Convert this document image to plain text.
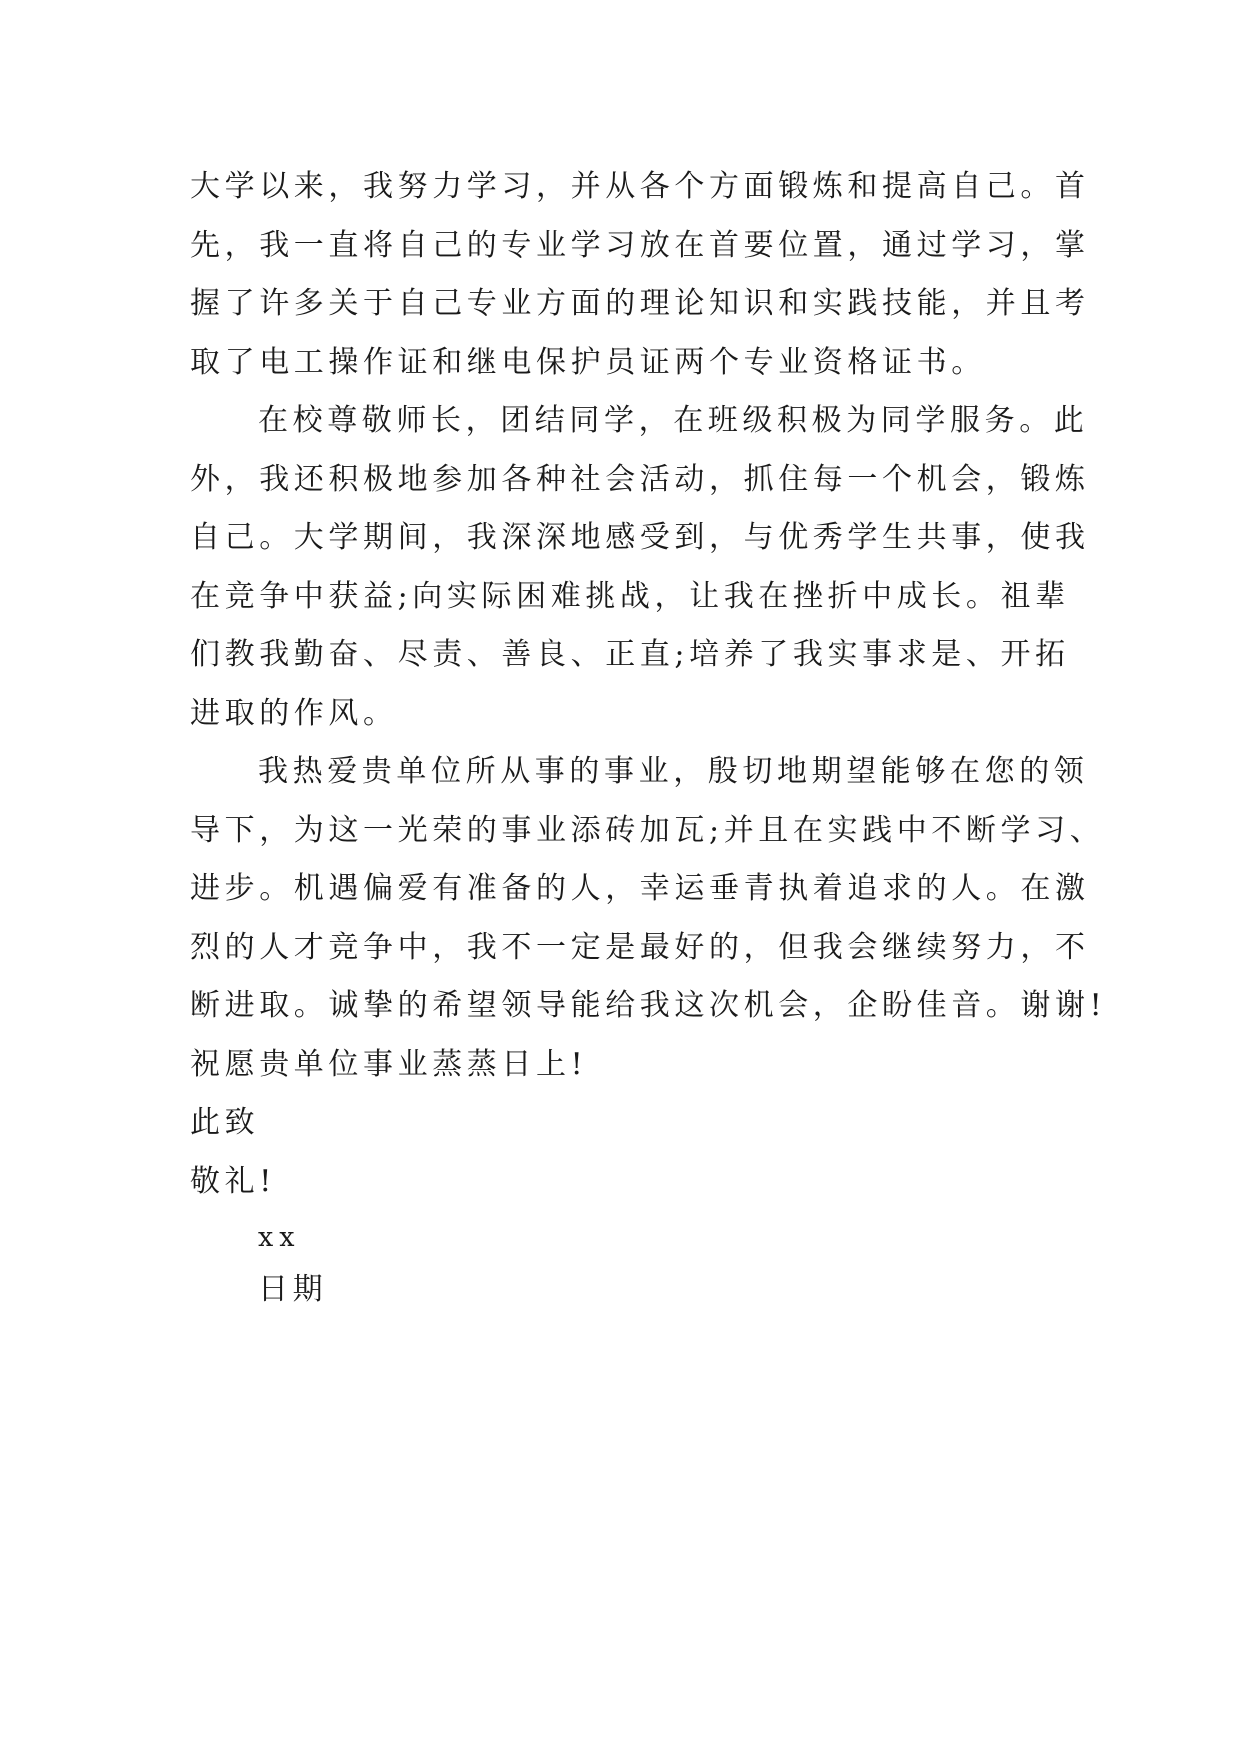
大学以来，我努力学习，并从各个方面锻炼和提高自己。首
先，我一直将自己的专业学习放在首要位置，通过学习，掌
握了许多关于自己专业方面的理论知识和实践技能，并且考
取了电工操作证和继电保护员证两个专业资格证书。
在校尊敬师长，团结同学，在班级积极为同学服务。此
外，我还积极地参加各种社会活动，抓住每一个机会，锻炼
自己。大学期间，我深深地感受到，与优秀学生共事，使我
在竞争中获益;向实际困难挑战，让我在挫折中成长。祖辈
们教我勤奋、尽责、善良、正直;培养了我实事求是、开拓
进取的作风。
我热爱贵单位所从事的事业，殷切地期望能够在您的领
导下，为这一光荣的事业添砖加瓦;并且在实践中不断学习、
进步。机遇偏爱有准备的人，幸运垂青执着追求的人。在激
烈的人才竞争中，我不一定是最好的，但我会继续努力，不
断进取。诚挚的希望领导能给我这次机会，企盼佳音。谢谢!
祝愿贵单位事业蒸蒸日上!
此致
敬礼!
xx
日期
